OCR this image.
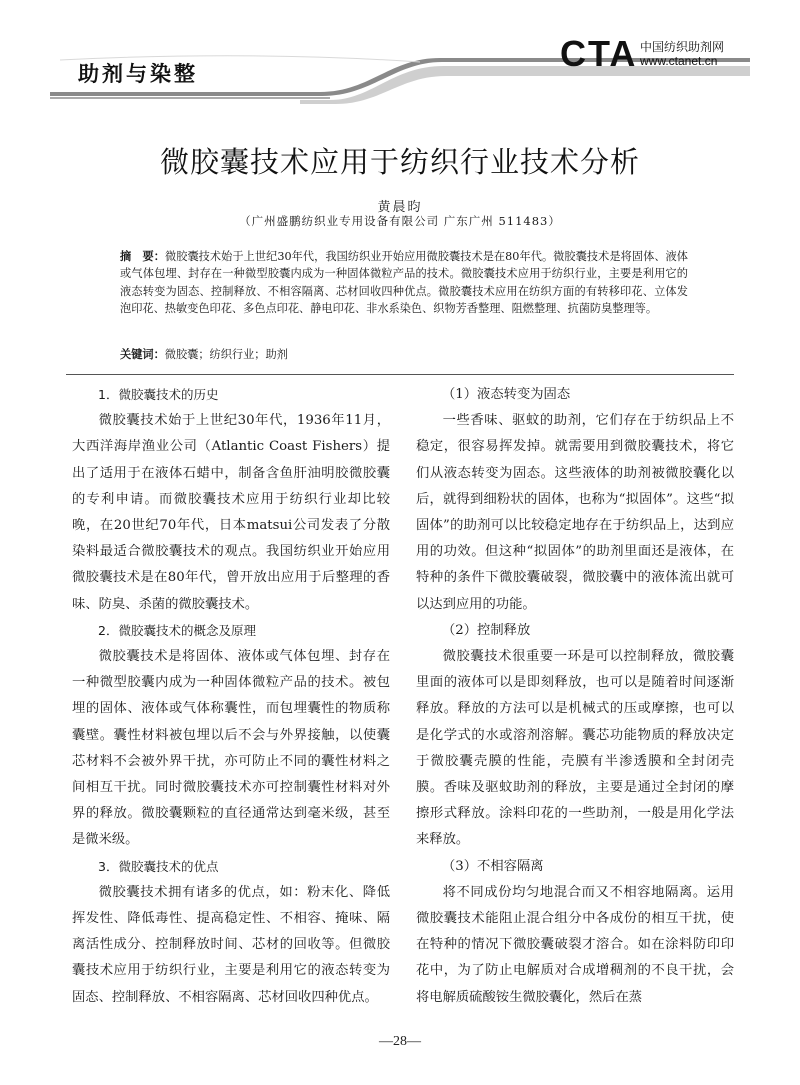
助剂与染整	CTA 中国纺织助剂网
www.ctanet.cn
微胶囊技术应用于纺织行业技术分析
黄晨昀
（广州盛鹏纺织业专用设备有限公司 广东广州 511483）
摘　要：微胶囊技术始于上世纪30年代，我国纺织业开始应用微胶囊技术是在80年代。微胶囊技术是将固体、液体或气体包埋、封存在一种微型胶囊内成为一种固体微粒产品的技术。微胶囊技术应用于纺织行业，主要是利用它的液态转变为固态、控制释放、不相容隔离、芯材回收四种优点。微胶囊技术应用在纺织方面的有转移印花、立体发泡印花、热敏变色印花、多色点印花、静电印花、非水系染色、织物芳香整理、阻燃整理、抗菌防臭整理等。
关键词：微胶囊；纺织行业；助剂

1．微胶囊技术的历史

微胶囊技术始于上世纪30年代，1936年11月，大西洋海岸渔业公司（Atlantic Coast Fishers）提出了适用于在液体石蜡中，制备含鱼肝油明胶微胶囊的专利申请。而微胶囊技术应用于纺织行业却比较晚，在20世纪70年代，日本matsui公司发表了分散染料最适合微胶囊技术的观点。我国纺织业开始应用微胶囊技术是在80年代，曾开放出应用于后整理的香味、防臭、杀菌的微胶囊技术。

2．微胶囊技术的概念及原理

微胶囊技术是将固体、液体或气体包埋、封存在一种微型胶囊内成为一种固体微粒产品的技术。被包埋的固体、液体或气体称囊性，而包埋囊性的物质称囊壁。囊性材料被包埋以后不会与外界接触，以使囊芯材料不会被外界干扰，亦可防止不同的囊性材料之间相互干扰。同时微胶囊技术亦可控制囊性材料对外界的释放。微胶囊颗粒的直径通常达到毫米级，甚至是微米级。

3．微胶囊技术的优点

微胶囊技术拥有诸多的优点，如：粉末化、降低挥发性、降低毒性、提高稳定性、不相容、掩味、隔离活性成分、控制释放时间、芯材的回收等。但微胶囊技术应用于纺织行业，主要是利用它的液态转变为固态、控制释放、不相容隔离、芯材回收四种优点。

（1）液态转变为固态

一些香味、驱蚊的助剂，它们存在于纺织品上不稳定，很容易挥发掉。就需要用到微胶囊技术，将它们从液态转变为固态。这些液体的助剂被微胶囊化以后，就得到细粉状的固体，也称为“拟固体”。这些“拟固体”的助剂可以比较稳定地存在于纺织品上，达到应用的功效。但这种“拟固体”的助剂里面还是液体，在特种的条件下微胶囊破裂，微胶囊中的液体流出就可以达到应用的功能。

（2）控制释放

微胶囊技术很重要一环是可以控制释放，微胶囊里面的液体可以是即刻释放，也可以是随着时间逐渐释放。释放的方法可以是机械式的压或摩擦，也可以是化学式的水或溶剂溶解。囊芯功能物质的释放决定于微胶囊壳膜的性能，壳膜有半渗透膜和全封闭壳膜。香味及驱蚊助剂的释放，主要是通过全封闭的摩擦形式释放。涂料印花的一些助剂，一般是用化学法来释放。

（3）不相容隔离

将不同成份均匀地混合而又不相容地隔离。运用微胶囊技术能阻止混合组分中各成份的相互干扰，使在特种的情况下微胶囊破裂才溶合。如在涂料防印印花中，为了防止电解质对合成增稠剂的不良干扰，会将电解质硫酸铵生微胶囊化，然后在蒸

—28—
